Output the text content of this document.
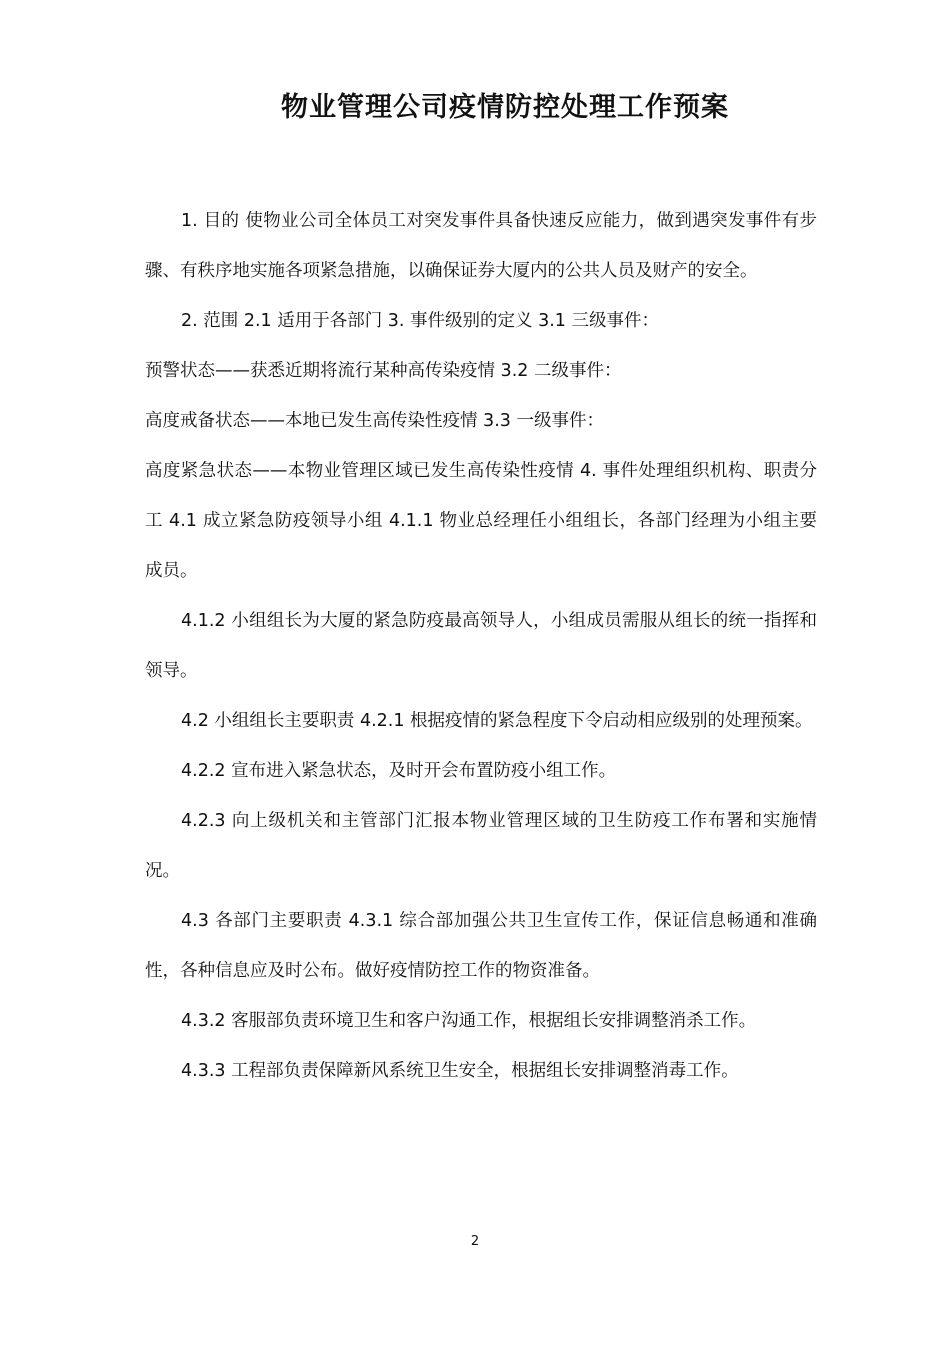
物业管理公司疫情防控处理工作预案

1. 目的 使物业公司全体员工对突发事件具备快速反应能力，做到遇突发事件有步骤、有秩序地实施各项紧急措施，以确保证券大厦内的公共人员及财产的安全。

2. 范围 2.1 适用于各部门 3. 事件级别的定义 3.1 三级事件：

预警状态——获悉近期将流行某种高传染疫情 3.2 二级事件：

高度戒备状态——本地已发生高传染性疫情 3.3 一级事件：

高度紧急状态——本物业管理区域已发生高传染性疫情 4. 事件处理组织机构、职责分工 4.1 成立紧急防疫领导小组 4.1.1 物业总经理任小组组长，各部门经理为小组主要成员。

4.1.2 小组组长为大厦的紧急防疫最高领导人，小组成员需服从组长的统一指挥和领导。

4.2 小组组长主要职责 4.2.1 根据疫情的紧急程度下令启动相应级别的处理预案。

4.2.2 宣布进入紧急状态，及时开会布置防疫小组工作。

4.2.3 向上级机关和主管部门汇报本物业管理区域的卫生防疫工作布署和实施情况。

4.3 各部门主要职责 4.3.1 综合部加强公共卫生宣传工作，保证信息畅通和准确性，各种信息应及时公布。做好疫情防控工作的物资准备。

4.3.2 客服部负责环境卫生和客户沟通工作，根据组长安排调整消杀工作。

4.3.3 工程部负责保障新风系统卫生安全，根据组长安排调整消毒工作。

2
